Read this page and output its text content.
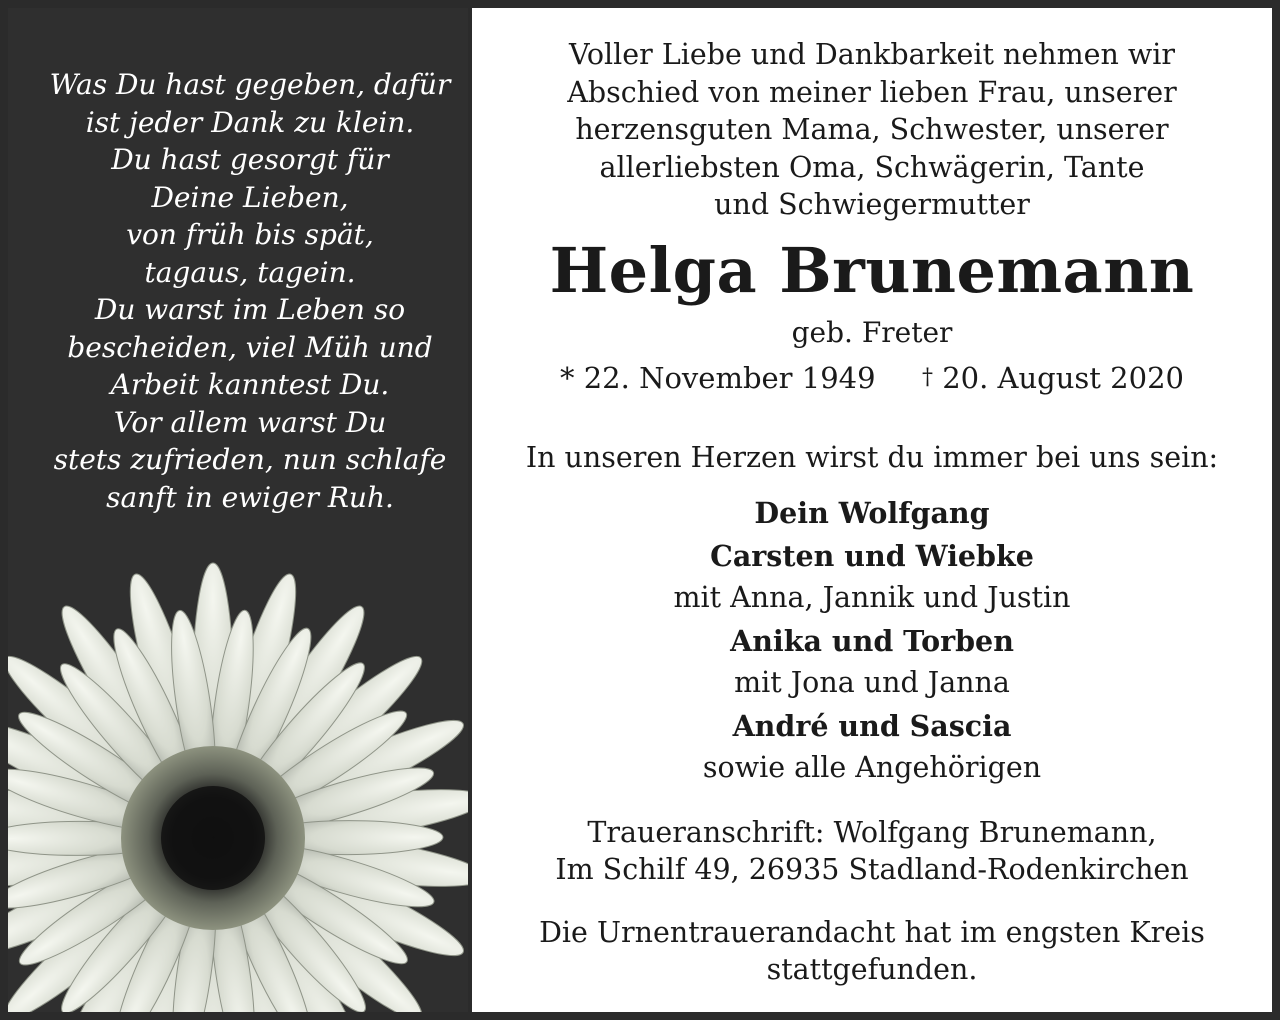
Was Du hast gegeben, dafür
ist jeder Dank zu klein.
Du hast gesorgt für
Deine Lieben,
von früh bis spät,
tagaus, tagein.
Du warst im Leben so
bescheiden, viel Müh und
Arbeit kanntest Du.
Vor allem warst Du
stets zufrieden, nun schlafe
sanft in ewiger Ruh.
Voller Liebe und Dankbarkeit nehmen wir
Abschied von meiner lieben Frau, unserer
herzensguten Mama, Schwester, unserer
allerliebsten Oma, Schwägerin, Tante
und Schwiegermutter
Helga Brunemann
geb. Freter
* 22. November 1949 † 20. August 2020
In unseren Herzen wirst du immer bei uns sein:
Dein Wolfgang
Carsten und Wiebke
mit Anna, Jannik und Justin
Anika und Torben
mit Jona und Janna
André und Sascia
sowie alle Angehörigen
Traueranschrift: Wolfgang Brunemann,
Im Schilf 49, 26935 Stadland-Rodenkirchen
Die Urnentrauerandacht hat im engsten Kreis
stattgefunden.
